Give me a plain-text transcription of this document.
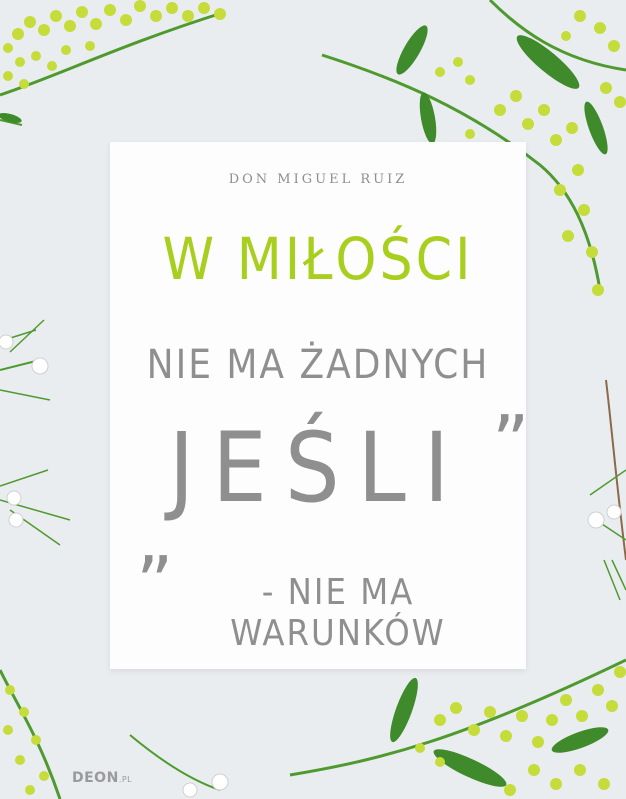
DON MIGUEL RUIZ
W MIŁOŚCI
NIE MA ŻADNYCH
”
JEŚLI
„
- NIE MA WARUNKÓW
DEON.PL
